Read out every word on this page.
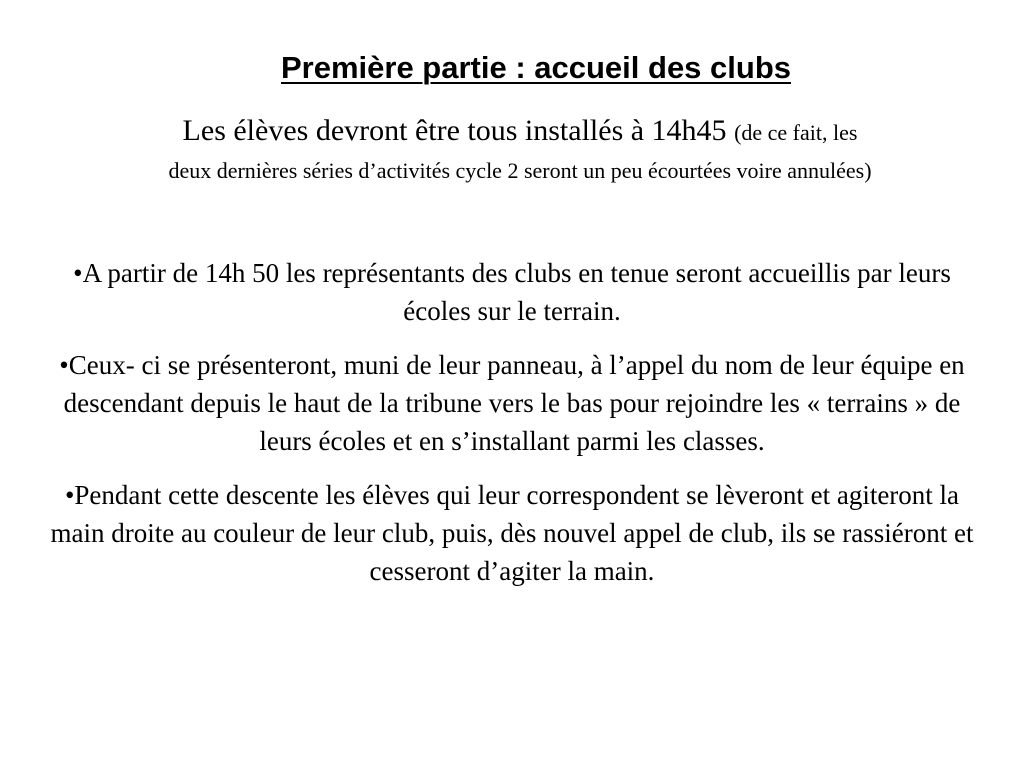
Première partie : accueil des clubs

Les élèves devront être tous installés à 14h45 (de ce fait, les
deux dernières séries d’activités cycle 2 seront un peu écourtées voire annulées)

•A partir de 14h 50 les représentants des clubs en tenue seront accueillis par leurs écoles sur le terrain.

•Ceux- ci se présenteront, muni de leur panneau, à l’appel du nom de leur équipe en descendant depuis le haut de la tribune vers le bas pour rejoindre les « terrains » de leurs écoles et en s’installant parmi les classes.

•Pendant cette descente les élèves qui leur correspondent se lèveront et agiteront la main droite au couleur de leur club, puis, dès nouvel appel de club, ils se rassiéront et cesseront d’agiter la main.
